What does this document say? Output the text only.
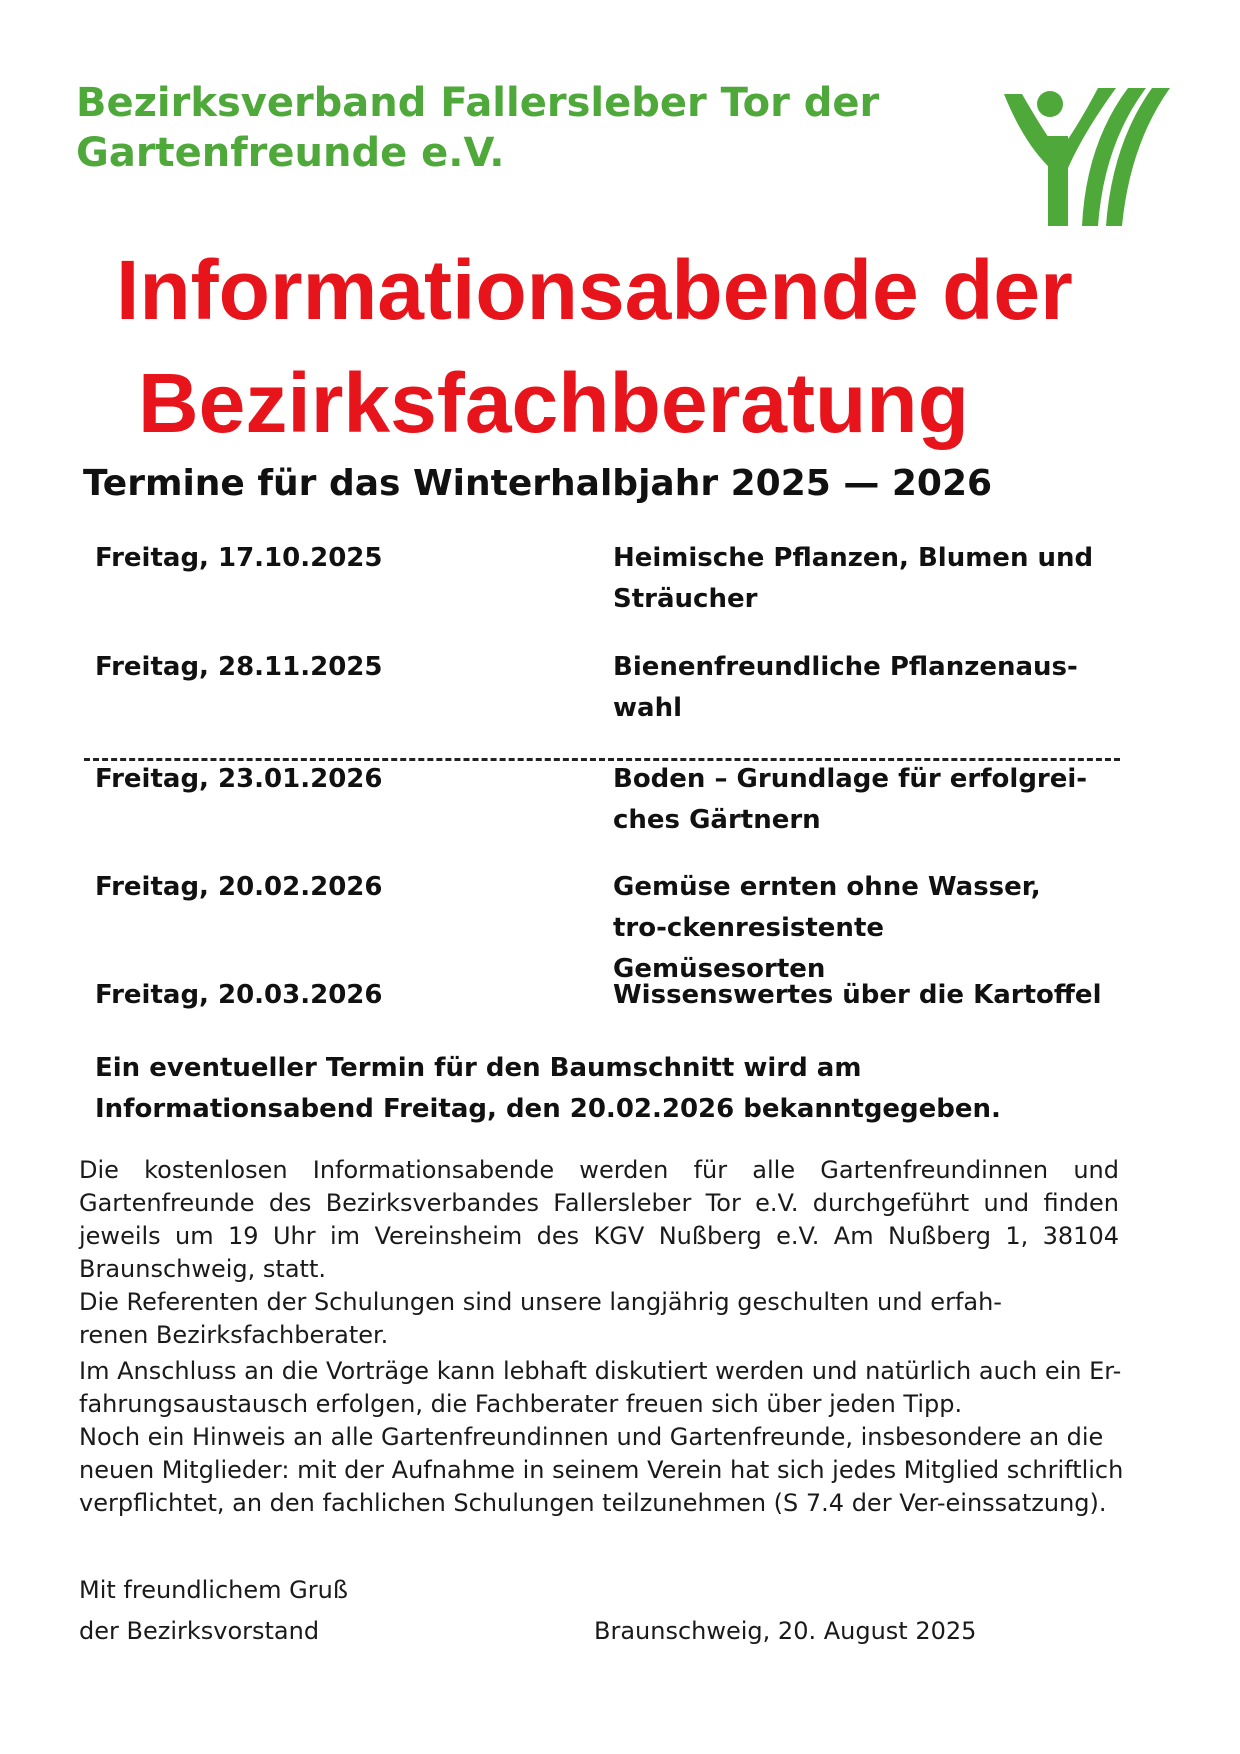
Bezirksverband Fallersleber Tor der Gartenfreunde e.V.
Informationsabende der
Bezirksfachberatung
Termine für das Winterhalbjahr 2025 — 2026
Freitag, 17.10.2025	Heimische Pflanzen, Blumen und Sträucher
Freitag, 28.11.2025	Bienenfreundliche Pflanzenaus-wahl
Freitag, 23.01.2026	Boden – Grundlage für erfolgrei-ches Gärtnern
Freitag, 20.02.2026	Gemüse ernten ohne Wasser, tro-ckenresistente Gemüsesorten
Freitag, 20.03.2026	Wissenswertes über die Kartoffel

Ein eventueller Termin für den Baumschnitt wird am Informationsabend Freitag, den 20.02.2026 bekanntgegeben.

Die kostenlosen Informationsabende werden für alle Gartenfreundinnen und Gartenfreunde des Bezirksverbandes Fallersleber Tor e.V. durchgeführt und finden jeweils um 19 Uhr im Vereinsheim des KGV Nußberg e.V. Am Nußberg 1, 38104 Braunschweig, statt.

Die Referenten der Schulungen sind unsere langjährig geschulten und erfah-renen Bezirksfachberater.

Im Anschluss an die Vorträge kann lebhaft diskutiert werden und natürlich auch ein Er-fahrungsaustausch erfolgen, die Fachberater freuen sich über jeden Tipp.

Noch ein Hinweis an alle Gartenfreundinnen und Gartenfreunde, insbesondere an die neuen Mitglieder: mit der Aufnahme in seinem Verein hat sich jedes Mitglied schriftlich verpflichtet, an den fachlichen Schulungen teilzunehmen (S 7.4 der Ver-einssatzung).

Mit freundlichem Gruß

der Bezirksvorstand	Braunschweig, 20. August 2025
